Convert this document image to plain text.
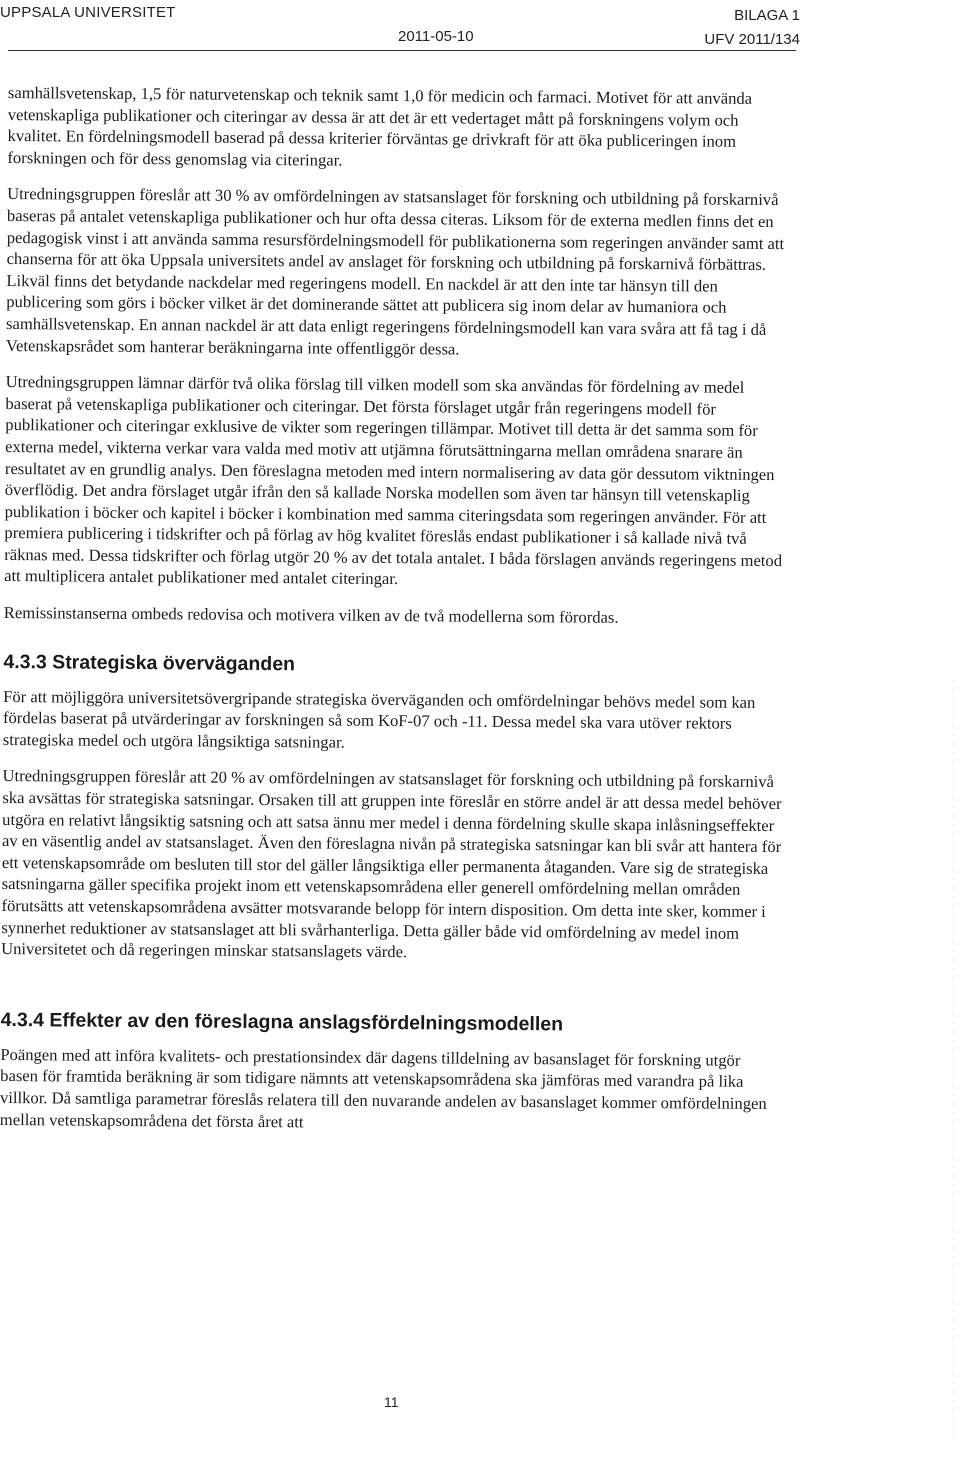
UPPSALA UNIVERSITET
2011-05-10
BILAGA 1
UFV 2011/134

samhällsvetenskap, 1,5 för naturvetenskap och teknik samt 1,0 för medicin och farmaci. Motivet för att använda vetenskapliga publikationer och citeringar av dessa är att det är ett vedertaget mått på forskningens volym och kvalitet. En fördelningsmodell baserad på dessa kriterier förväntas ge drivkraft för att öka publiceringen inom forskningen och för dess genomslag via citeringar.

Utredningsgruppen föreslår att 30 % av omfördelningen av statsanslaget för forskning och utbildning på forskarnivå baseras på antalet vetenskapliga publikationer och hur ofta dessa citeras. Liksom för de externa medlen finns det en pedagogisk vinst i att använda samma resursfördelningsmodell för publikationerna som regeringen använder samt att chanserna för att öka Uppsala universitets andel av anslaget för forskning och utbildning på forskarnivå förbättras. Likväl finns det betydande nackdelar med regeringens modell. En nackdel är att den inte tar hänsyn till den publicering som görs i böcker vilket är det dominerande sättet att publicera sig inom delar av humaniora och samhällsvetenskap. En annan nackdel är att data enligt regeringens fördelningsmodell kan vara svåra att få tag i då Vetenskapsrådet som hanterar beräkningarna inte offentliggör dessa.

Utredningsgruppen lämnar därför två olika förslag till vilken modell som ska användas för fördelning av medel baserat på vetenskapliga publikationer och citeringar. Det första förslaget utgår från regeringens modell för publikationer och citeringar exklusive de vikter som regeringen tillämpar. Motivet till detta är det samma som för externa medel, vikterna verkar vara valda med motiv att utjämna förutsättningarna mellan områdena snarare än resultatet av en grundlig analys. Den föreslagna metoden med intern normalisering av data gör dessutom viktningen överflödig. Det andra förslaget utgår ifrån den så kallade Norska modellen som även tar hänsyn till vetenskaplig publikation i böcker och kapitel i böcker i kombination med samma citeringsdata som regeringen använder. För att premiera publicering i tidskrifter och på förlag av hög kvalitet föreslås endast publikationer i så kallade nivå två räknas med. Dessa tidskrifter och förlag utgör 20 % av det totala antalet. I båda förslagen används regeringens metod att multiplicera antalet publikationer med antalet citeringar.

Remissinstanserna ombeds redovisa och motivera vilken av de två modellerna som förordas.

4.3.3 Strategiska överväganden

För att möjliggöra universitetsövergripande strategiska överväganden och omfördelningar behövs medel som kan fördelas baserat på utvärderingar av forskningen så som KoF-07 och -11. Dessa medel ska vara utöver rektors strategiska medel och utgöra långsiktiga satsningar.

Utredningsgruppen föreslår att 20 % av omfördelningen av statsanslaget för forskning och utbildning på forskarnivå ska avsättas för strategiska satsningar. Orsaken till att gruppen inte föreslår en större andel är att dessa medel behöver utgöra en relativt långsiktig satsning och att satsa ännu mer medel i denna fördelning skulle skapa inlåsningseffekter av en väsentlig andel av statsanslaget. Även den föreslagna nivån på strategiska satsningar kan bli svår att hantera för ett vetenskapsområde om besluten till stor del gäller långsiktiga eller permanenta åtaganden. Vare sig de strategiska satsningarna gäller specifika projekt inom ett vetenskapsområdena eller generell omfördelning mellan områden förutsätts att vetenskapsområdena avsätter motsvarande belopp för intern disposition. Om detta inte sker, kommer i synnerhet reduktioner av statsanslaget att bli svårhanterliga. Detta gäller både vid omfördelning av medel inom Universitetet och då regeringen minskar statsanslagets värde.

4.3.4 Effekter av den föreslagna anslagsfördelningsmodellen

Poängen med att införa kvalitets- och prestationsindex där dagens tilldelning av basanslaget för forskning utgör basen för framtida beräkning är som tidigare nämnts att vetenskapsområdena ska jämföras med varandra på lika villkor. Då samtliga parametrar föreslås relatera till den nuvarande andelen av basanslaget kommer omfördelningen mellan vetenskapsområdena det första året att

11
